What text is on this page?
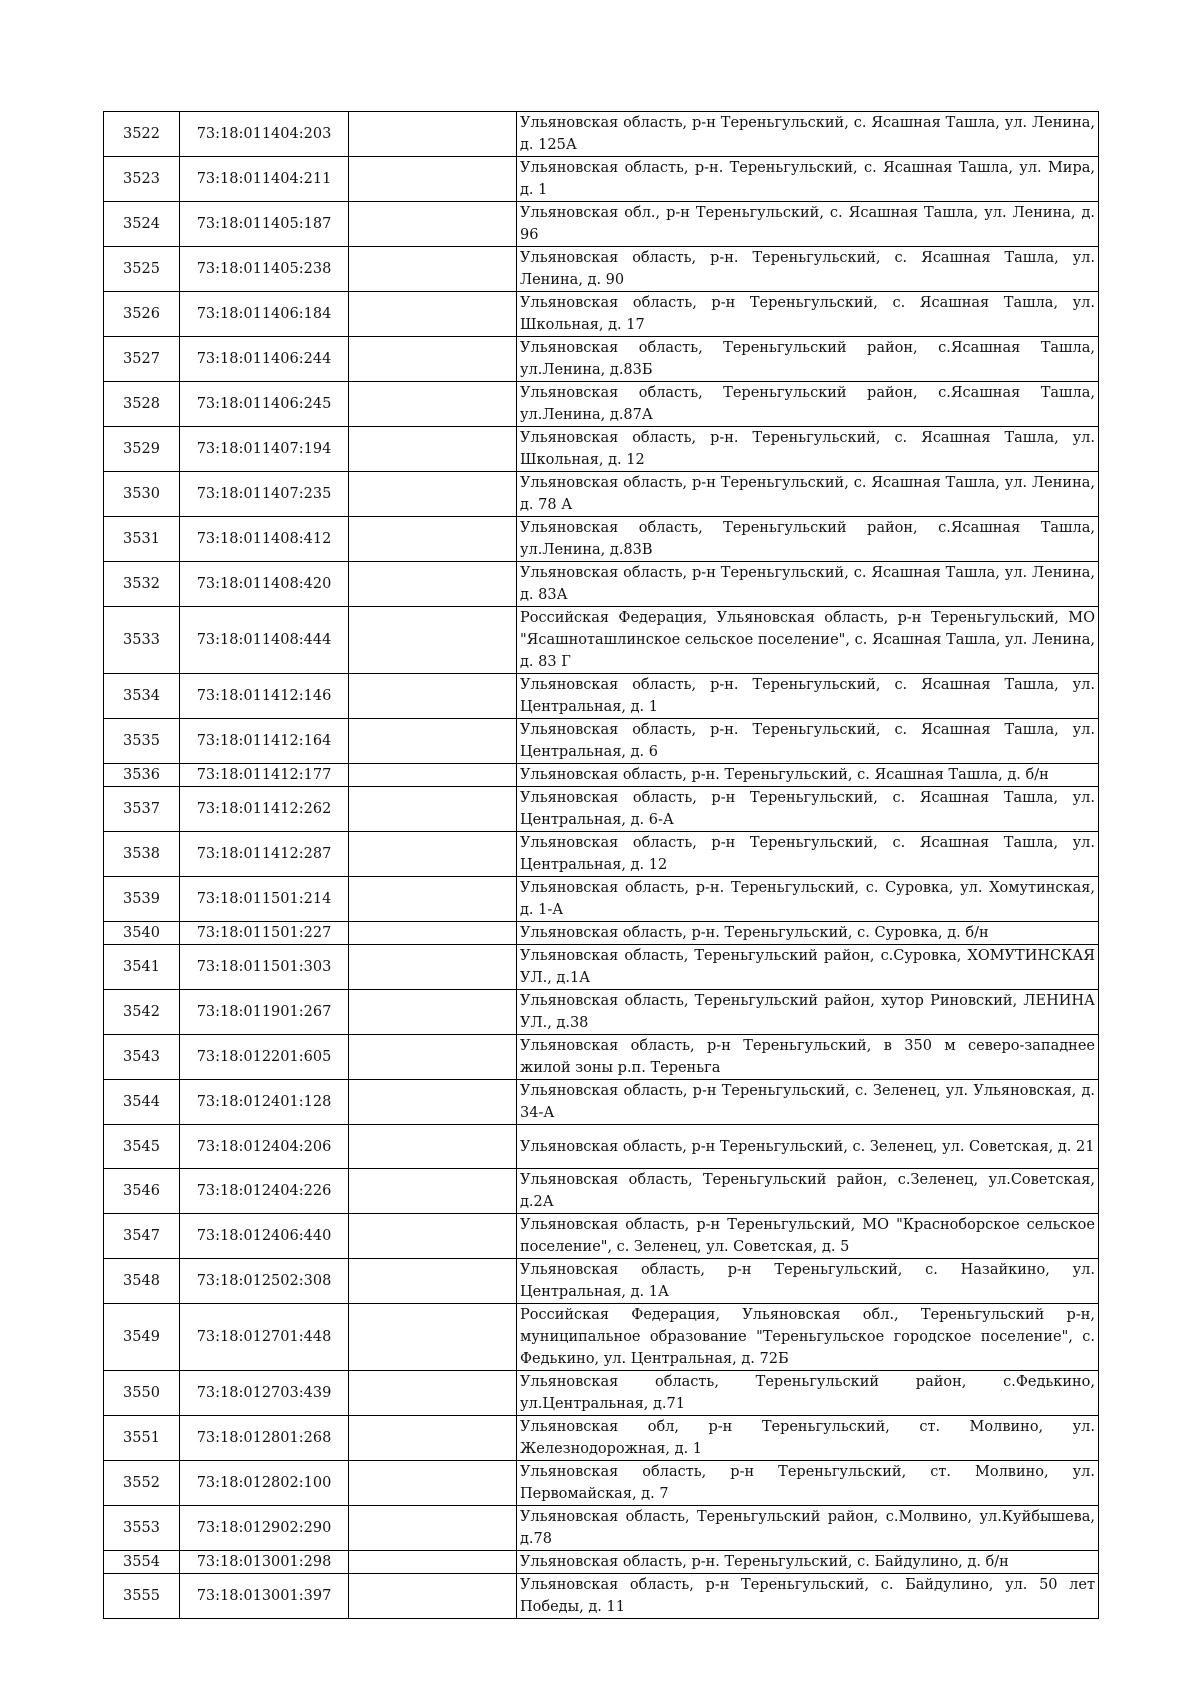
3522	73:18:011404:203		Ульяновская область, р-н Тереньгульский, с. Ясашная Ташла, ул. Ленина, д. 125А
3523	73:18:011404:211		Ульяновская область, р-н. Тереньгульский, с. Ясашная Ташла, ул. Мира, д. 1
3524	73:18:011405:187		Ульяновская обл., р-н Тереньгульский, с. Ясашная Ташла, ул. Ленина, д. 96
3525	73:18:011405:238		Ульяновская область, р-н. Тереньгульский, с. Ясашная Ташла, ул. Ленина, д. 90
3526	73:18:011406:184		Ульяновская область, р-н Тереньгульский, с. Ясашная Ташла, ул. Школьная, д. 17
3527	73:18:011406:244		Ульяновская область, Тереньгульский район, с.Ясашная Ташла, ул.Ленина, д.83Б
3528	73:18:011406:245		Ульяновская область, Тереньгульский район, с.Ясашная Ташла, ул.Ленина, д.87А
3529	73:18:011407:194		Ульяновская область, р-н. Тереньгульский, с. Ясашная Ташла, ул. Школьная, д. 12
3530	73:18:011407:235		Ульяновская область, р-н Тереньгульский, с. Ясашная Ташла, ул. Ленина, д. 78 А
3531	73:18:011408:412		Ульяновская область, Тереньгульский район, с.Ясашная Ташла, ул.Ленина, д.83В
3532	73:18:011408:420		Ульяновская область, р-н Тереньгульский, с. Ясашная Ташла, ул. Ленина, д. 83А
3533	73:18:011408:444		Российская Федерация, Ульяновская область, р-н Тереньгульский, МО "Ясашноташлинское сельское поселение", с. Ясашная Ташла, ул. Ленина, д. 83 Г
3534	73:18:011412:146		Ульяновская область, р-н. Тереньгульский, с. Ясашная Ташла, ул. Центральная, д. 1
3535	73:18:011412:164		Ульяновская область, р-н. Тереньгульский, с. Ясашная Ташла, ул. Центральная, д. 6
3536	73:18:011412:177		Ульяновская область, р-н. Тереньгульский, с. Ясашная Ташла, д. б/н
3537	73:18:011412:262		Ульяновская область, р-н Тереньгульский, с. Ясашная Ташла, ул. Центральная, д. 6-А
3538	73:18:011412:287		Ульяновская область, р-н Тереньгульский, с. Ясашная Ташла, ул. Центральная, д. 12
3539	73:18:011501:214		Ульяновская область, р-н. Тереньгульский, с. Суровка, ул. Хомутинская, д. 1-А
3540	73:18:011501:227		Ульяновская область, р-н. Тереньгульский, с. Суровка, д. б/н
3541	73:18:011501:303		Ульяновская область, Тереньгульский район, с.Суровка, ХОМУТИНСКАЯ УЛ., д.1А
3542	73:18:011901:267		Ульяновская область, Тереньгульский район, хутор Риновский, ЛЕНИНА УЛ., д.38
3543	73:18:012201:605		Ульяновская область, р-н Тереньгульский, в 350 м северо-западнее жилой зоны р.п. Тереньга
3544	73:18:012401:128		Ульяновская область, р-н Тереньгульский, с. Зеленец, ул. Ульяновская, д. 34-А
3545	73:18:012404:206		Ульяновская область, р-н Тереньгульский, с. Зеленец, ул. Советская, д. 21
3546	73:18:012404:226		Ульяновская область, Тереньгульский район, с.Зеленец, ул.Советская, д.2А
3547	73:18:012406:440		Ульяновская область, р-н Тереньгульский, МО "Красноборское сельское поселение", с. Зеленец, ул. Советская, д. 5
3548	73:18:012502:308		Ульяновская область, р-н Тереньгульский, с. Назайкино, ул. Центральная, д. 1А
3549	73:18:012701:448		Российская Федерация, Ульяновская обл., Тереньгульский р-н, муниципальное образование "Тереньгульское городское поселение", с. Федькино, ул. Центральная, д. 72Б
3550	73:18:012703:439		Ульяновская область, Тереньгульский район, с.Федькино, ул.Центральная, д.71
3551	73:18:012801:268		Ульяновская обл, р-н Тереньгульский, ст. Молвино, ул. Железнодорожная, д. 1
3552	73:18:012802:100		Ульяновская область, р-н Тереньгульский, ст. Молвино, ул. Первомайская, д. 7
3553	73:18:012902:290		Ульяновская область, Тереньгульский район, с.Молвино, ул.Куйбышева, д.78
3554	73:18:013001:298		Ульяновская область, р-н. Тереньгульский, с. Байдулино, д. б/н
3555	73:18:013001:397		Ульяновская область, р-н Тереньгульский, с. Байдулино, ул. 50 лет Победы, д. 11
